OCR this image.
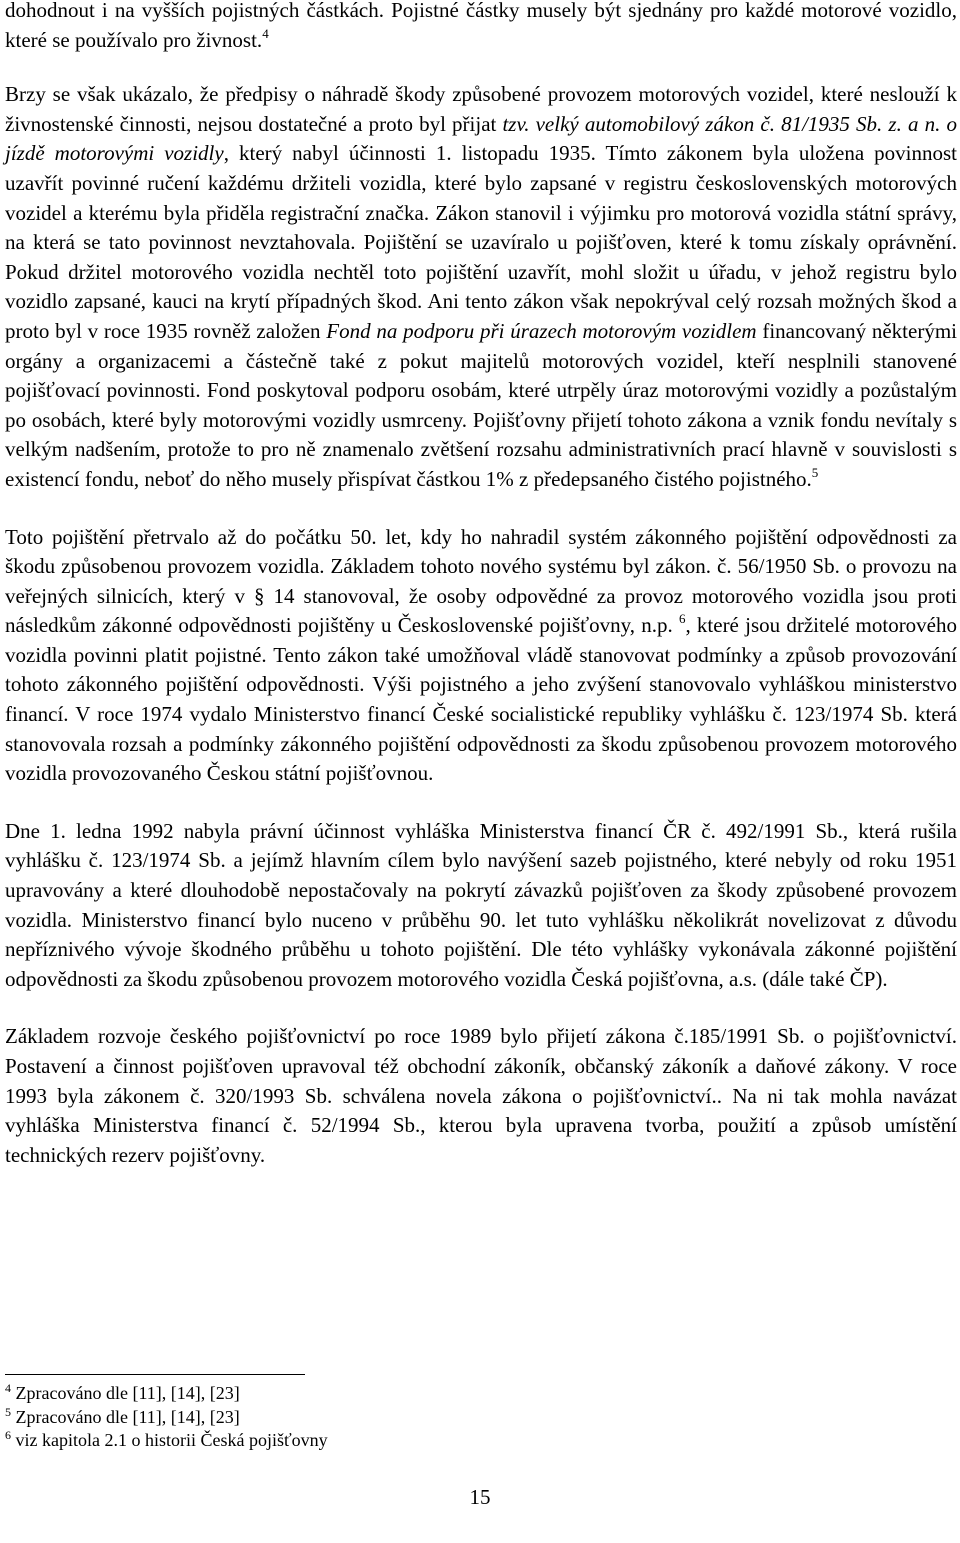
dohodnout i na vyšších pojistných částkách. Pojistné částky musely být sjednány pro každé motorové vozidlo, které se používalo pro živnost.$^4$

Brzy se však ukázalo, že předpisy o náhradě škody způsobené provozem motorových vozidel, které neslouží k živnostenské činnosti, nejsou dostatečné a proto byl přijat tzv. velký automobilový zákon č. 81/1935 Sb. z. a n. o jízdě motorovými vozidly, který nabyl účinnosti 1. listopadu 1935. Tímto zákonem byla uložena povinnost uzavřít povinné ručení každému držiteli vozidla, které bylo zapsané v registru československých motorových vozidel a kterému byla přiděla registrační značka. Zákon stanovil i výjimku pro motorová vozidla státní správy, na která se tato povinnost nevztahovala. Pojištění se uzavíralo u pojišťoven, které k tomu získaly oprávnění. Pokud držitel motorového vozidla nechtěl toto pojištění uzavřít, mohl složit u úřadu, v jehož registru bylo vozidlo zapsané, kauci na krytí případných škod. Ani tento zákon však nepokrýval celý rozsah možných škod a proto byl v roce 1935 rovněž založen Fond na podporu při úrazech motorovým vozidlem financovaný některými orgány a organizacemi a částečně také z pokut majitelů motorových vozidel, kteří nesplnili stanovené pojišťovací povinnosti. Fond poskytoval podporu osobám, které utrpěly úraz motorovými vozidly a pozůstalým po osobách, které byly motorovými vozidly usmrceny. Pojišťovny přijetí tohoto zákona a vznik fondu nevítaly s velkým nadšením, protože to pro ně znamenalo zvětšení rozsahu administrativních prací hlavně v souvislosti s existencí fondu, neboť do něho musely přispívat částkou 1% z předepsaného čistého pojistného.$^5$

Toto pojištění přetrvalo až do počátku 50. let, kdy ho nahradil systém zákonného pojištění odpovědnosti za škodu způsobenou provozem vozidla. Základem tohoto nového systému byl zákon. č. 56/1950 Sb. o provozu na veřejných silnicích, který v § 14 stanovoval, že osoby odpovědné za provoz motorového vozidla jsou proti následkům zákonné odpovědnosti pojištěny u Československé pojišťovny, n.p. $^6$, které jsou držitelé motorového vozidla povinni platit pojistné. Tento zákon také umožňoval vládě stanovovat podmínky a způsob provozování tohoto zákonného pojištění odpovědnosti. Výši pojistného a jeho zvýšení stanovovalo vyhláškou ministerstvo financí. V roce 1974 vydalo Ministerstvo financí České socialistické republiky vyhlášku č. 123/1974 Sb. která stanovovala rozsah a podmínky zákonného pojištění odpovědnosti za škodu způsobenou provozem motorového vozidla provozovaného Českou státní pojišťovnou.

Dne 1. ledna 1992 nabyla právní účinnost vyhláška Ministerstva financí ČR č. 492/1991 Sb., která rušila vyhlášku č. 123/1974 Sb. a jejímž hlavním cílem bylo navýšení sazeb pojistného, které nebyly od roku 1951 upravovány a které dlouhodobě nepostačovaly na pokrytí závazků pojišťoven za škody způsobené provozem vozidla. Ministerstvo financí bylo nuceno v průběhu 90. let tuto vyhlášku několikrát novelizovat z důvodu nepříznivého vývoje škodného průběhu u tohoto pojištění. Dle této vyhlášky vykonávala zákonné pojištění odpovědnosti za škodu způsobenou provozem motorového vozidla Česká pojišťovna, a.s. (dále také ČP).

Základem rozvoje českého pojišťovnictví po roce 1989 bylo přijetí zákona č.185/1991 Sb. o pojišťovnictví. Postavení a činnost pojišťoven upravoval též obchodní zákoník, občanský zákoník a daňové zákony. V roce 1993 byla zákonem č. 320/1993 Sb. schválena novela zákona o pojišťovnictví.. Na ni tak mohla navázat vyhláška Ministerstva financí č. 52/1994 Sb., kterou byla upravena tvorba, použití a způsob umístění technických rezerv pojišťovny.

$^4$ Zpracováno dle [11], [14], [23]
$^5$ Zpracováno dle [11], [14], [23]
$^6$ viz kapitola 2.1 o historii Česká pojišťovny
15
